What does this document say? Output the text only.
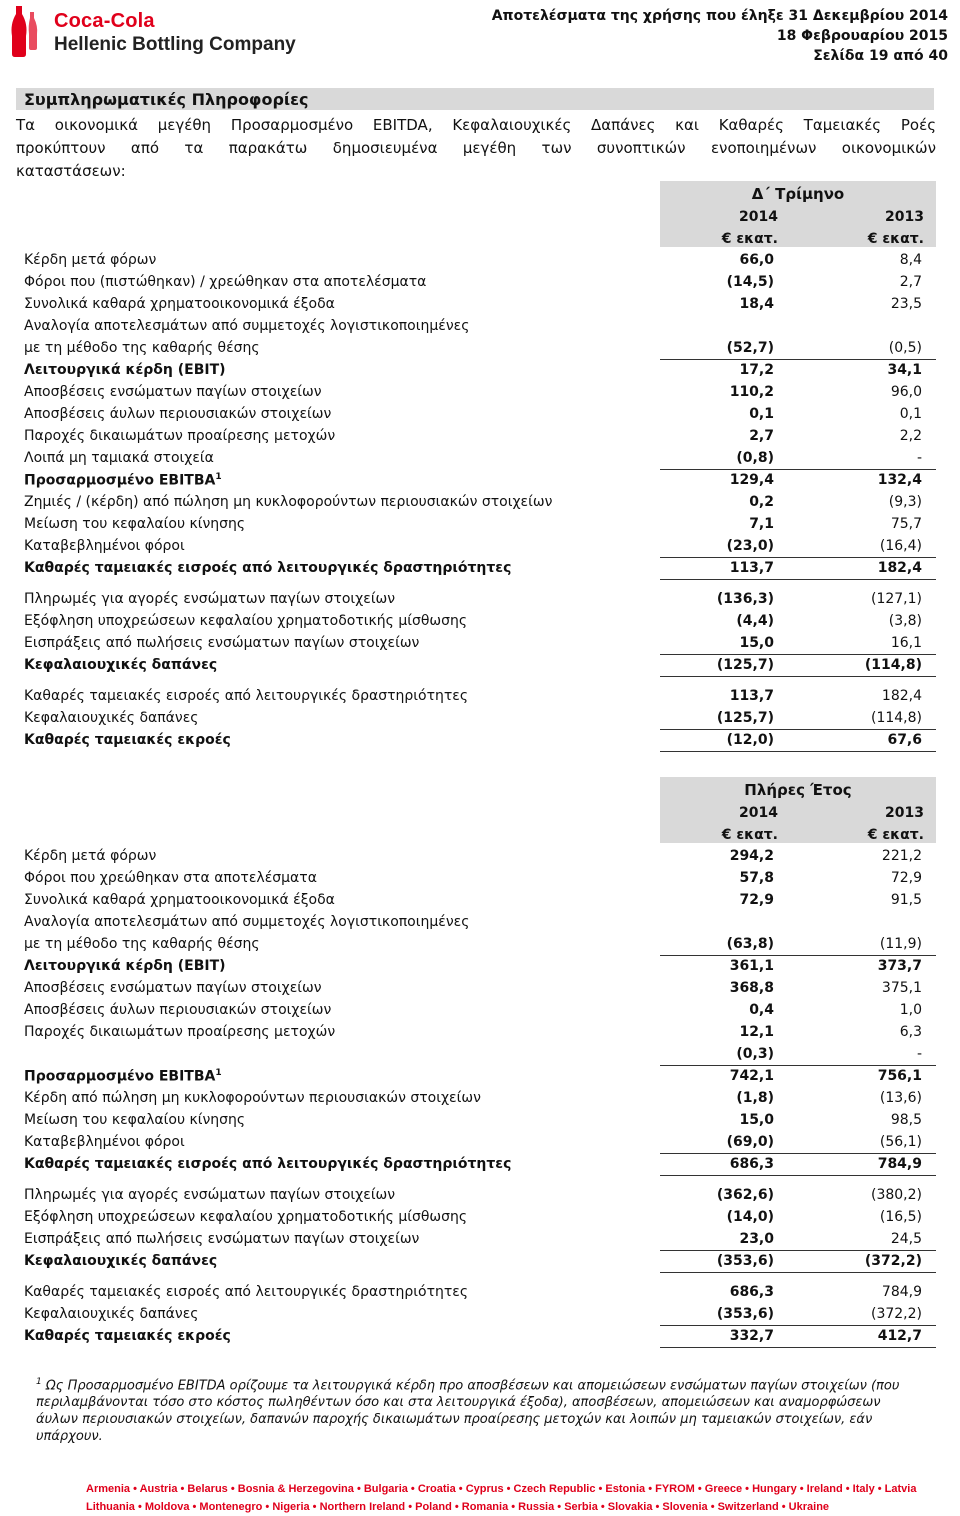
Coca-Cola
Hellenic Bottling Company
Αποτελέσματα της χρήσης που έληξε 31 Δεκεμβρίου 2014
18 Φεβρουαρίου 2015
Σελίδα 19 από 40
Συμπληρωματικές Πληροφορίες
Τα οικονομικά μεγέθη Προσαρμοσμένο EBITDA, Κεφαλαιουχικές Δαπάνες και Καθαρές Ταμειακές Ροές
προκύπτουν από τα παρακάτω δημοσιευμένα μεγέθη των συνοπτικών ενοποιημένων οικονομικών
καταστάσεων:
Δ΄ Τρίμηνο
2014	2013
€ εκατ.	€ εκατ.
Κέρδη μετά φόρων	66,0	8,4
Φόροι που (πιστώθηκαν) / χρεώθηκαν στα αποτελέσματα	(14,5)	2,7
Συνολικά καθαρά χρηματοοικονομικά έξοδα	18,4	23,5
Αναλογία αποτελεσμάτων από συμμετοχές λογιστικοποιημένες
με τη μέθοδο της καθαρής θέσης	(52,7)	(0,5)
Λειτουργικά κέρδη (EBIT)	17,2	34,1
Αποσβέσεις ενσώματων παγίων στοιχείων	110,2	96,0
Αποσβέσεις άυλων περιουσιακών στοιχείων	0,1	0,1
Παροχές δικαιωμάτων προαίρεσης μετοχών	2,7	2,2
Λοιπά μη ταμιακά στοιχεία	(0,8)	-
Προσαρμοσμένο EBITBA$^1$	129,4	132,4
Ζημιές / (κέρδη) από πώληση μη κυκλοφορούντων περιουσιακών στοιχείων	0,2	(9,3)
Μείωση του κεφαλαίου κίνησης	7,1	75,7
Καταβεβλημένοι φόροι	(23,0)	(16,4)
Καθαρές ταμειακές εισροές από λειτουργικές δραστηριότητες	113,7	182,4
Πληρωμές για αγορές ενσώματων παγίων στοιχείων	(136,3)	(127,1)
Εξόφληση υποχρεώσεων κεφαλαίου χρηματοδοτικής μίσθωσης	(4,4)	(3,8)
Εισπράξεις από πωλήσεις ενσώματων παγίων στοιχείων	15,0	16,1
Κεφαλαιουχικές δαπάνες	(125,7)	(114,8)
Καθαρές ταμειακές εισροές από λειτουργικές δραστηριότητες	113,7	182,4
Κεφαλαιουχικές δαπάνες	(125,7)	(114,8)
Καθαρές ταμειακές εκροές	(12,0)	67,6
Πλήρες Έτος
2014	2013
€ εκατ.	€ εκατ.
Κέρδη μετά φόρων	294,2	221,2
Φόροι που χρεώθηκαν στα αποτελέσματα	57,8	72,9
Συνολικά καθαρά χρηματοοικονομικά έξοδα	72,9	91,5
Αναλογία αποτελεσμάτων από συμμετοχές λογιστικοποιημένες
με τη μέθοδο της καθαρής θέσης	(63,8)	(11,9)
Λειτουργικά κέρδη (EBIT)	361,1	373,7
Αποσβέσεις ενσώματων παγίων στοιχείων	368,8	375,1
Αποσβέσεις άυλων περιουσιακών στοιχείων	0,4	1,0
Παροχές δικαιωμάτων προαίρεσης μετοχών	12,1	6,3
(0,3)	-
Προσαρμοσμένο EBITBA$^1$	742,1	756,1
Κέρδη από πώληση μη κυκλοφορούντων περιουσιακών στοιχείων	(1,8)	(13,6)
Μείωση του κεφαλαίου κίνησης	15,0	98,5
Καταβεβλημένοι φόροι	(69,0)	(56,1)
Καθαρές ταμειακές εισροές από λειτουργικές δραστηριότητες	686,3	784,9
Πληρωμές για αγορές ενσώματων παγίων στοιχείων	(362,6)	(380,2)
Εξόφληση υποχρεώσεων κεφαλαίου χρηματοδοτικής μίσθωσης	(14,0)	(16,5)
Εισπράξεις από πωλήσεις ενσώματων παγίων στοιχείων	23,0	24,5
Κεφαλαιουχικές δαπάνες	(353,6)	(372,2)
Καθαρές ταμειακές εισροές από λειτουργικές δραστηριότητες	686,3	784,9
Κεφαλαιουχικές δαπάνες	(353,6)	(372,2)
Καθαρές ταμειακές εκροές	332,7	412,7
$^1$ Ως Προσαρμοσμένο EBITDA ορίζουμε τα λειτουργικά κέρδη προ αποσβέσεων και απομειώσεων ενσώματων παγίων στοιχείων (που περιλαμβάνονται τόσο στο κόστος πωληθέντων όσο και στα λειτουργικά έξοδα), αποσβέσεων, απομειώσεων και αναμορφώσεων άυλων περιουσιακών στοιχείων, δαπανών παροχής δικαιωμάτων προαίρεσης μετοχών και λοιπών μη ταμειακών στοιχείων, εάν υπάρχουν.
Armenia • Austria • Belarus • Bosnia & Herzegovina • Bulgaria • Croatia • Cyprus • Czech Republic • Estonia • FYROM • Greece • Hungary • Ireland • Italy • Latvia
Lithuania • Moldova • Montenegro • Nigeria • Northern Ireland • Poland • Romania • Russia • Serbia • Slovakia • Slovenia • Switzerland • Ukraine
